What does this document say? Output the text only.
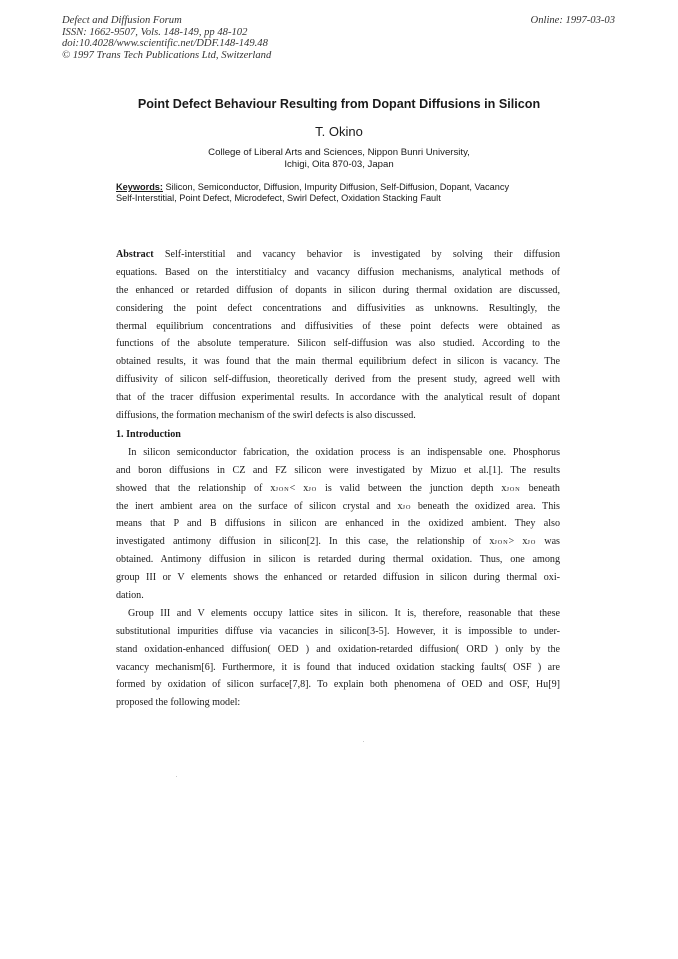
Defect and Diffusion Forum
ISSN: 1662-9507, Vols. 148-149, pp 48-102
doi:10.4028/www.scientific.net/DDF.148-149.48
© 1997 Trans Tech Publications Ltd, Switzerland
Online: 1997-03-03
Point Defect Behaviour Resulting from Dopant Diffusions in Silicon
T. Okino
College of Liberal Arts and Sciences, Nippon Bunri University,
Ichigi, Oita 870-03, Japan
Keywords: Silicon, Semiconductor, Diffusion, Impurity Diffusion, Self-Diffusion, Dopant, Vacancy
Self-Interstitial, Point Defect, Microdefect, Swirl Defect, Oxidation Stacking Fault
Abstract Self-interstitial and vacancy behavior is investigated by solving their diffusion
equations. Based on the interstitialcy and vacancy diffusion mechanisms, analytical methods of
the enhanced or retarded diffusion of dopants in silicon during thermal oxidation are discussed,
considering the point defect concentrations and diffusivities as unknowns. Resultingly, the
thermal equilibrium concentrations and diffusivities of these point defects were obtained as
functions of the absolute temperature. Silicon self-diffusion was also studied. According to the
obtained results, it was found that the main thermal equilibrium defect in silicon is vacancy. The
diffusivity of silicon self-diffusion, theoretically derived from the present study, agreed well with
that of the tracer diffusion experimental results. In accordance with the analytical result of dopant
diffusions, the formation mechanism of the swirl defects is also discussed.
1. Introduction
In silicon semiconductor fabrication, the oxidation process is an indispensable one. Phosphorus
and boron diffusions in CZ and FZ silicon were investigated by Mizuo et al.[1]. The results
showed that the relationship of xJON< xJO is valid between the junction depth xJON beneath
the inert ambient area on the surface of silicon crystal and xJO beneath the oxidized area. This
means that P and B diffusions in silicon are enhanced in the oxidized ambient. They also
investigated antimony diffusion in silicon[2]. In this case, the relationship of xJON> xJO was
obtained. Antimony diffusion in silicon is retarded during thermal oxidation. Thus, one among
group III or V elements shows the enhanced or retarded diffusion in silicon during thermal oxi-
dation.
Group III and V elements occupy lattice sites in silicon. It is, therefore, reasonable that these
substitutional impurities diffuse via vacancies in silicon[3-5]. However, it is impossible to under-
stand oxidation-enhanced diffusion( OED ) and oxidation-retarded diffusion( ORD ) only by the
vacancy mechanism[6]. Furthermore, it is found that induced oxidation stacking faults( OSF ) are
formed by oxidation of silicon surface[7,8]. To explain both phenomena of OED and OSF, Hu[9]
proposed the following model:
